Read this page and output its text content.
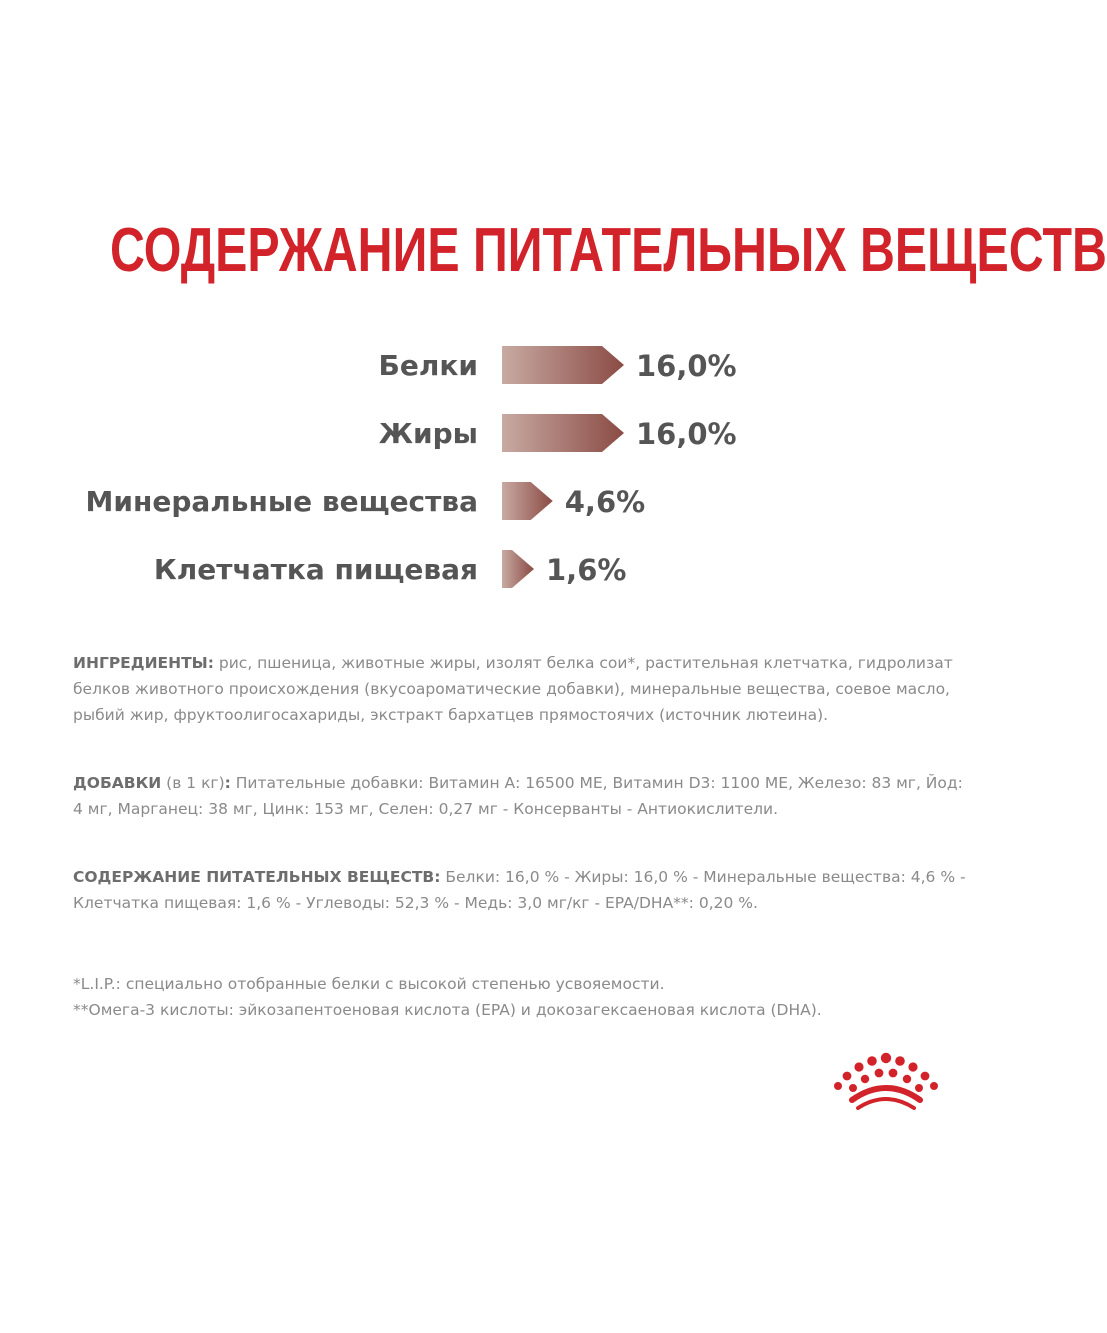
СОДЕРЖАНИЕ ПИТАТЕЛЬНЫХ ВЕЩЕСТВ
Белки	16,0%
Жиры	16,0%
Минеральные вещества	4,6%
Клетчатка пищевая 1,6%

ИНГРЕДИЕНТЫ: рис, пшеница, животные жиры, изолят белка сои*, растительная клетчатка, гидролизат белков животного происхождения (вкусоароматические добавки), минеральные вещества, соевое масло, рыбий жир, фруктоолигосахариды, экстракт бархатцев прямостоячих (источник лютеина).

ДОБАВКИ (в 1 кг): Питательные добавки: Витамин А: 16500 МЕ, Витамин D3: 1100 МЕ, Железо: 83 мг, Йод: 4 мг, Марганец: 38 мг, Цинк: 153 мг, Селен: 0,27 мг - Консерванты - Антиокислители.

СОДЕРЖАНИЕ ПИТАТЕЛЬНЫХ ВЕЩЕСТВ: Белки: 16,0 % - Жиры: 16,0 % - Минеральные вещества: 4,6 % - Клетчатка пищевая: 1,6 % - Углеводы: 52,3 % - Медь: 3,0 мг/кг - EPA/DHA**: 0,20 %.

*L.I.P.: специально отобранные белки с высокой степенью усвояемости.

**Омега-3 кислоты: эйкозапентоеновая кислота (EPA) и докозагексаеновая кислота (DHA).
